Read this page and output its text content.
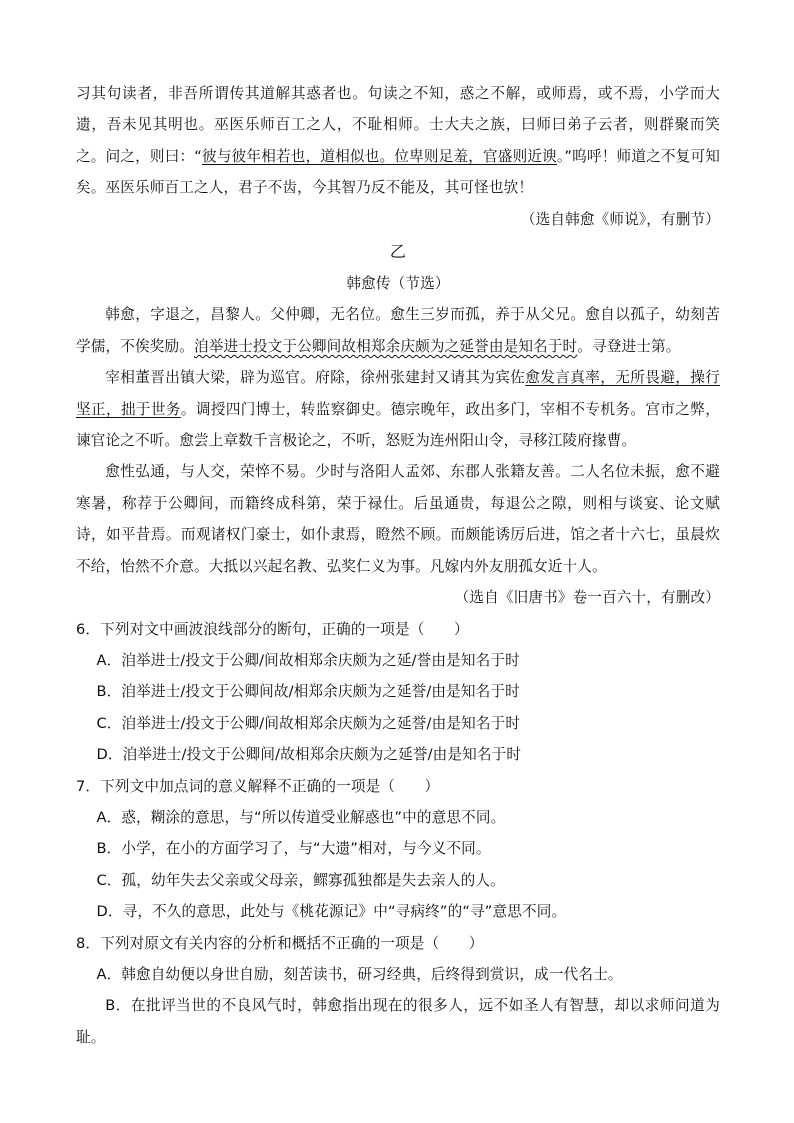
习其句读者，非吾所谓传其道解其惑者也。句读之不知，惑之不解，或师焉，或不焉，小学而大遗，吾未见其明也。巫医乐师百工之人，不耻相师。士大夫之族，曰师曰弟子云者，则群聚而笑之。问之，则曰：“彼与彼年相若也，道相似也。位卑则足羞，官盛则近谀。”呜呼！师道之不复可知矣。巫医乐师百工之人，君子不齿，今其智乃反不能及，其可怪也欤！

（选自韩愈《师说》，有删节）

乙

韩愈传（节选）

韩愈，字退之，昌黎人。父仲卿，无名位。愈生三岁而孤，养于从父兄。愈自以孤子，幼刻苦学儒，不俟奖励。洎举进士投文于公卿间故相郑余庆颇为之延誉由是知名于时。寻登进士第。

宰相董晋出镇大梁，辟为巡官。府除，徐州张建封又请其为宾佐愈发言真率，无所畏避，操行坚正，拙于世务。调授四门博士，转监察御史。德宗晚年，政出多门，宰相不专机务。宫市之弊，谏官论之不听。愈尝上章数千言极论之，不听，怒贬为连州阳山令，寻移江陵府掾曹。

愈性弘通，与人交，荣悴不易。少时与洛阳人孟郊、东郡人张籍友善。二人名位未振，愈不避寒暑，称荐于公卿间，而籍终成科第，荣于禄仕。后虽通贵，每退公之隙，则相与谈宴、论文赋诗，如平昔焉。而观诸权门豪士，如仆隶焉，瞪然不顾。而颇能诱厉后进，馆之者十六七，虽晨炊不给，怡然不介意。大抵以兴起名教、弘奖仁义为事。凡嫁内外友朋孤女近十人。

（选自《旧唐书》卷一百六十，有删改）

6．下列对文中画波浪线部分的断句，正确的一项是（　　）

A．洎举进士/投文于公卿/间故相郑余庆颇为之延/誉由是知名于时

B．洎举进士/投文于公卿间故/相郑余庆颇为之延誉/由是知名于时

C．洎举进士/投文于公卿/间故相郑余庆颇为之延誉/由是知名于时

D．洎举进士/投文于公卿间/故相郑余庆颇为之延誉/由是知名于时

7．下列文中加点词的意义解释不正确的一项是（　　）

A．惑，糊涂的意思，与“所以传道受业解惑也”中的意思不同。

B．小学，在小的方面学习了，与“大遗”相对，与今义不同。

C．孤，幼年失去父亲或父母亲，鳏寡孤独都是失去亲人的人。

D．寻，不久的意思，此处与《桃花源记》中“寻病终”的“寻”意思不同。

8．下列对原文有关内容的分析和概括不正确的一项是（　　）

A．韩愈自幼便以身世自励，刻苦读书，研习经典，后终得到赏识，成一代名士。

B．在批评当世的不良风气时，韩愈指出现在的很多人，远不如圣人有智慧，却以求师问道为耻。
